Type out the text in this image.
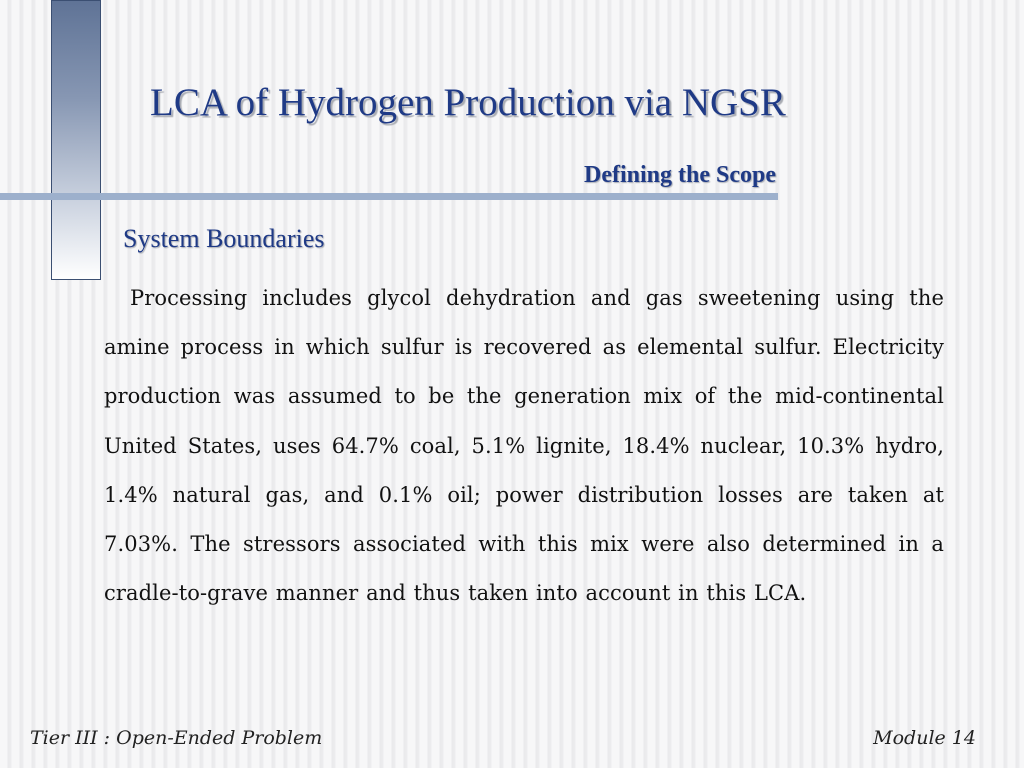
LCA of Hydrogen Production via NGSR
Defining the Scope
System Boundaries

Processing includes glycol dehydration and gas sweetening using the amine process in which sulfur is recovered as elemental sulfur. Electricity production was assumed to be the generation mix of the mid-continental United States, uses 64.7% coal, 5.1% lignite, 18.4% nuclear, 10.3% hydro, 1.4% natural gas, and 0.1% oil; power distribution losses are taken at 7.03%. The stressors associated with this mix were also determined in a cradle-to-grave manner and thus taken into account in this LCA.

Tier III : Open-Ended Problem	Module 14
